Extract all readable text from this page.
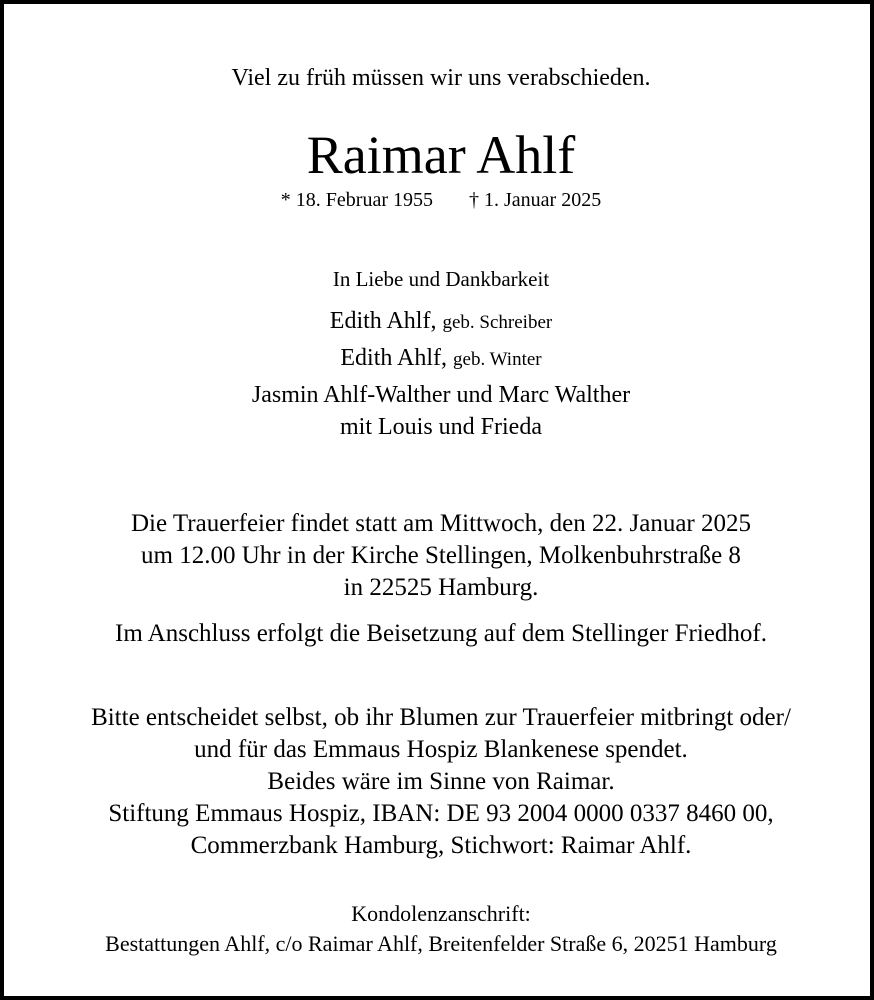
Viel zu früh müssen wir uns verabschieden.
Raimar Ahlf
* 18. Februar 1955 † 1. Januar 2025
In Liebe und Dankbarkeit
Edith Ahlf, geb. Schreiber
Edith Ahlf, geb. Winter
Jasmin Ahlf-Walther und Marc Walther
mit Louis und Frieda
Die Trauerfeier findet statt am Mittwoch, den 22. Januar 2025
um 12.00 Uhr in der Kirche Stellingen, Molkenbuhrstraße 8
in 22525 Hamburg.
Im Anschluss erfolgt die Beisetzung auf dem Stellinger Friedhof.
Bitte entscheidet selbst, ob ihr Blumen zur Trauerfeier mitbringt oder/
und für das Emmaus Hospiz Blankenese spendet.
Beides wäre im Sinne von Raimar.
Stiftung Emmaus Hospiz, IBAN: DE 93 2004 0000 0337 8460 00,
Commerzbank Hamburg, Stichwort: Raimar Ahlf.
Kondolenzanschrift:
Bestattungen Ahlf, c/o Raimar Ahlf, Breitenfelder Straße 6, 20251 Hamburg
